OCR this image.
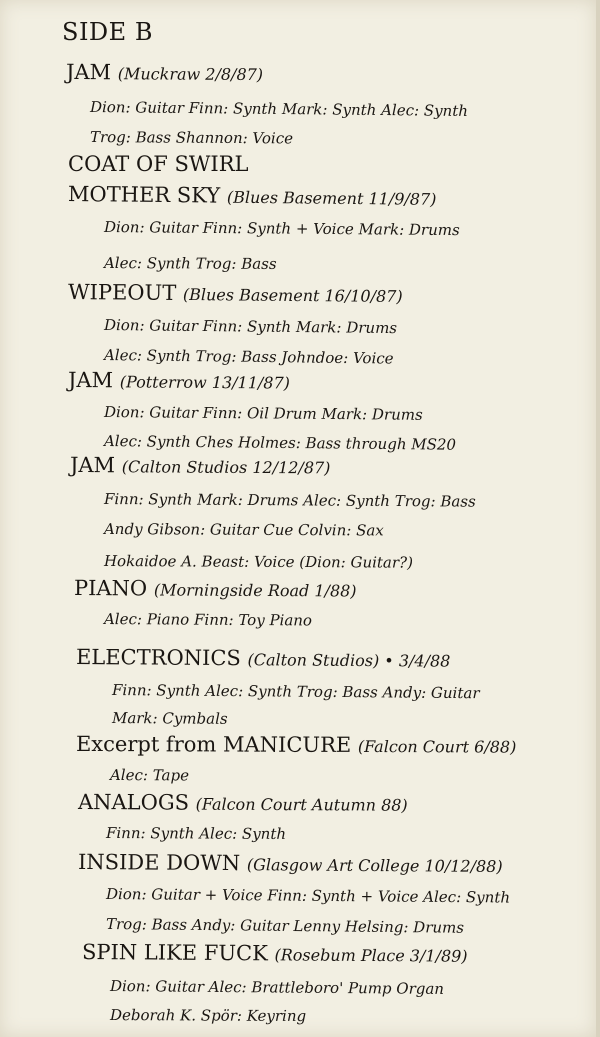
SIDE B
JAM (Muckraw 2/8/87)
Dion: Guitar Finn: Synth Mark: Synth Alec: Synth
Trog: Bass Shannon: Voice
COAT OF SWIRL
MOTHER SKY (Blues Basement 11/9/87)
Dion: Guitar Finn: Synth + Voice Mark: Drums
Alec: Synth Trog: Bass
WIPEOUT (Blues Basement 16/10/87)
Dion: Guitar Finn: Synth Mark: Drums
Alec: Synth Trog: Bass Johndoe: Voice
JAM (Potterrow 13/11/87)
Dion: Guitar Finn: Oil Drum Mark: Drums
Alec: Synth Ches Holmes: Bass through MS20
JAM (Calton Studios 12/12/87)
Finn: Synth Mark: Drums Alec: Synth Trog: Bass
Andy Gibson: Guitar Cue Colvin: Sax
Hokaidoe A. Beast: Voice (Dion: Guitar?)
PIANO (Morningside Road 1/88)
Alec: Piano Finn: Toy Piano
ELECTRONICS (Calton Studios) • 3/4/88
Finn: Synth Alec: Synth Trog: Bass Andy: Guitar
Mark: Cymbals
Excerpt from MANICURE (Falcon Court 6/88)
Alec: Tape
ANALOGS (Falcon Court Autumn 88)
Finn: Synth Alec: Synth
INSIDE DOWN (Glasgow Art College 10/12/88)
Dion: Guitar + Voice Finn: Synth + Voice Alec: Synth
Trog: Bass Andy: Guitar Lenny Helsing: Drums
SPIN LIKE FUCK (Rosebum Place 3/1/89)
Dion: Guitar Alec: Brattleboro' Pump Organ
Deborah K. Spör: Keyring
